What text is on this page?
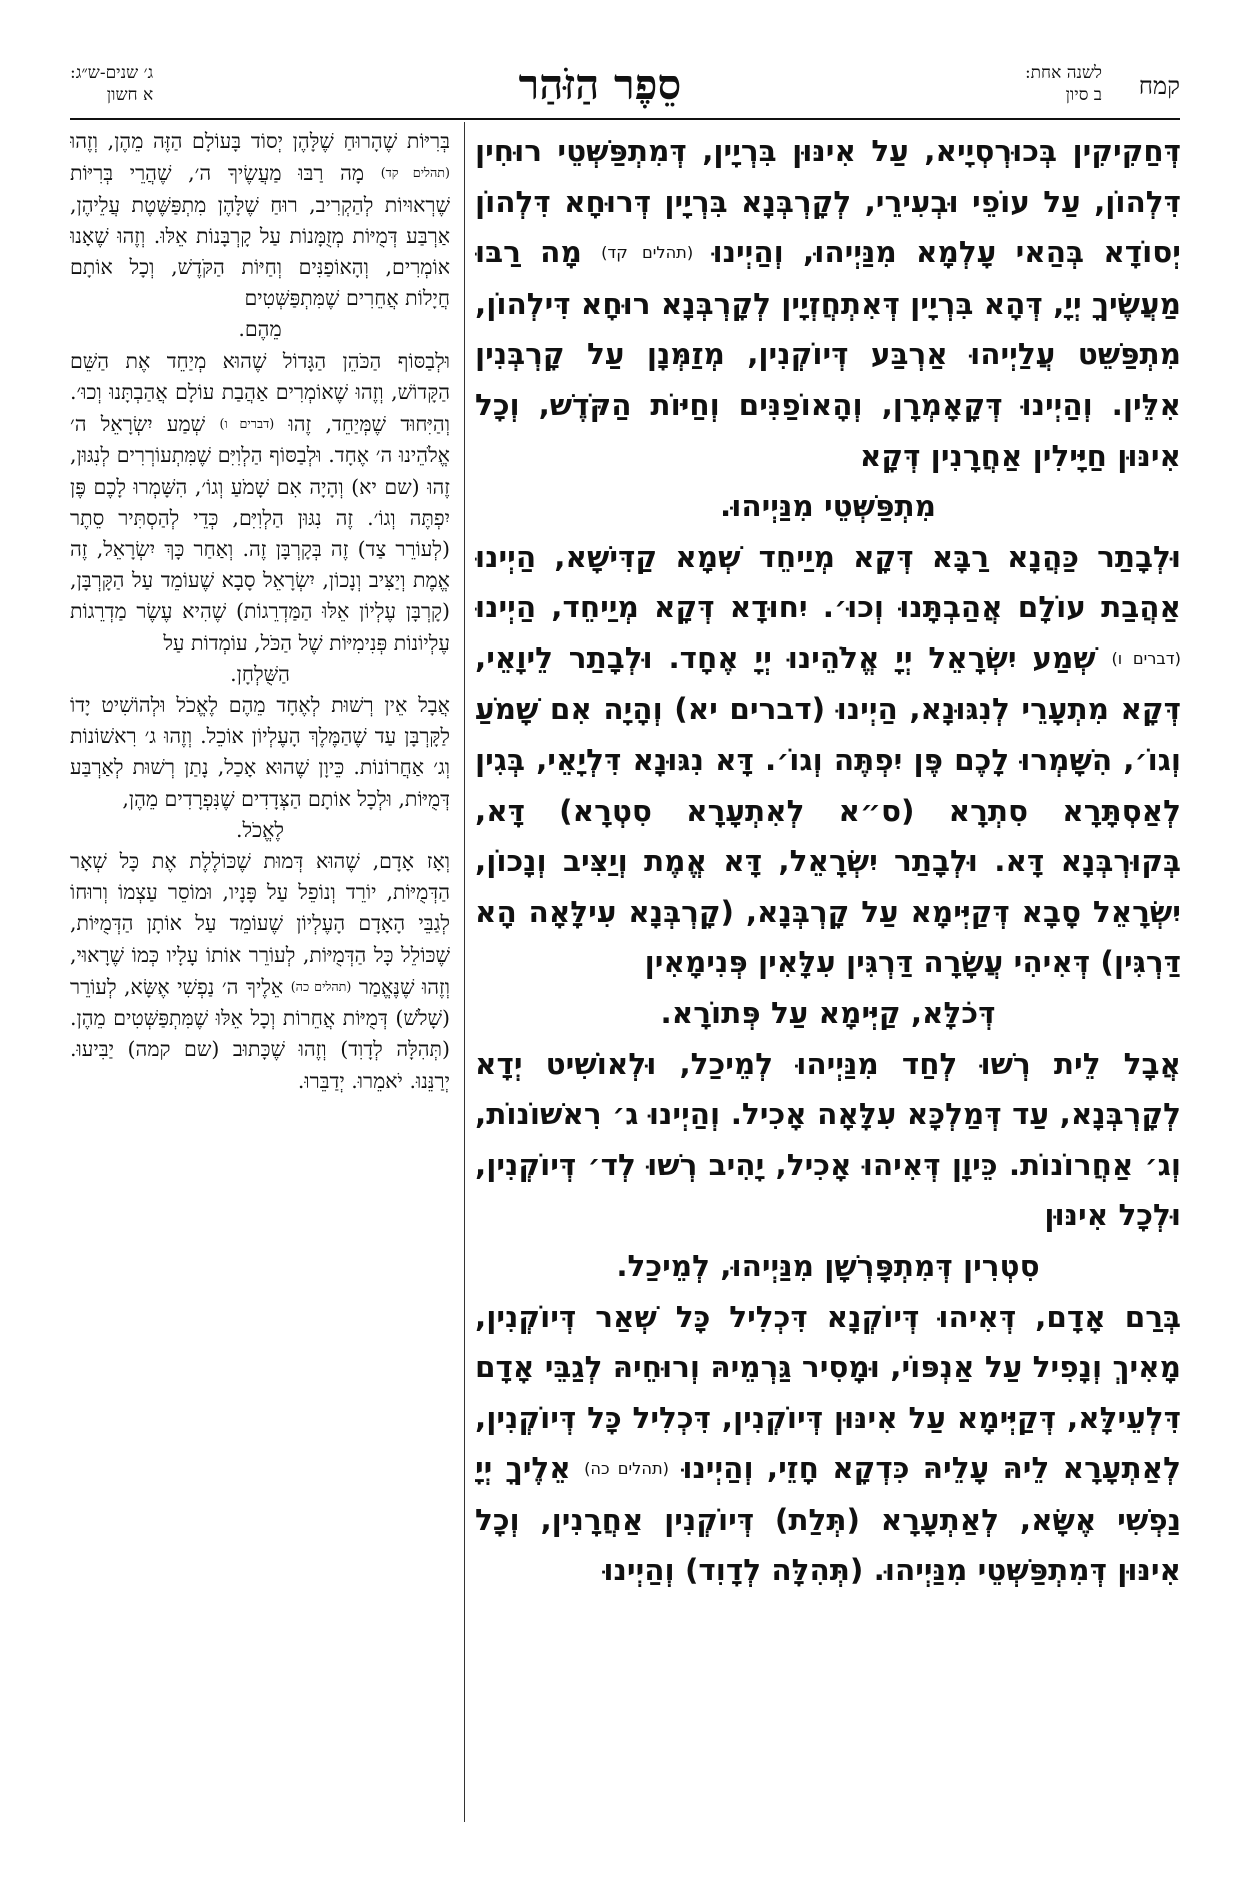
קמח
לשנה אחת:
ב סיון
סֵפֶר הַזֹּהַר
ג׳ שנים-ש״ג:
א חשון

דְּחַקִיקִין בְּכוּרְסְיָיא, עַל אִינּוּן בִּרְיָין, דְּמִתְפַּשְּׁטֵי רוּחִין דִּלְהוֹן, עַל עוֹפֵי וּבְעִירֵי, לְקָרְבְּנָא בִּרְיָין דְּרוּחָא דִּלְהוֹן יְסוֹדָא בְּהַאי עָלְמָא מִנַּיְיהוּ, וְהַיְינוּ (תהלים קד) מָה רַבּוּ מַעֲשֶׂיךָ יְיָ, דְּהָא בִּרְיָין דְּאִתְחֲזְיָין לְקָרְבְּנָא רוּחָא דִּילְהוֹן, מִתְפַּשֵּׁט עֲלַיְיהוּ אַרְבַּע דְּיוֹקְנִין, מְזַמְּנָן עַל קָרְבְּנִין אִלֵּין. וְהַיְינוּ דְּקָאָמְרָן, וְהָאוֹפַנִּים וְחַיּוֹת הַקֹּדֶשׁ, וְכָל אִינּוּן חַיָּילִין אַחֲרָנִין דְּקָא
מִתְפַּשְּׁטֵי מִנַּיְיהוּ.

וּלְבָתַר כַּהֲנָא רַבָּא דְּקָא מְיַיחֵד שְׁמָא קַדִּישָׁא, הַיְינוּ אַהֲבַת עוֹלָם אֲהַבְתָּנוּ וְכוּ׳. יִחוּדָא דְּקָא מְיַיחֵד, הַיְינוּ (דברים ו) שְׁמַע יִשְׂרָאֵל יְיָ אֱלֹהֵינוּ יְיָ אֶחָד. וּלְבָתַר לֵיוָאֵי, דְּקָא מִתְעָרֵי לְנִגּוּנָא, הַיְינוּ (דברים יא) וְהָיָה אִם שָׁמֹעַ וְגוֹ׳, הִשָּׁמְרוּ לָכֶם פֶּן יִפְתֶּה וְגוֹ׳. דָּא נִגּוּנָא דִּלְיָאֵי, בְּגִין לְאַסְתָּרָא סִתְרָא (ס״א לְאִתְעָרָא סִטְרָא) דָּא, בְּקוּרְבְּנָא דָּא. וּלְבָתַר יִשְׂרָאֵל, דָּא אֱמֶת וְיַצִּיב וְנָכוֹן, יִשְׂרָאֵל סָבָא דְּקַיְּימָא עַל קָרְבְּנָא, (קָרְבְּנָא עִילָּאָה הָא דַּרְגִּין) דְּאִיהִי עֲשָׂרָה דַּרְגִּין עִלָּאִין פְּנִימָאִין
דְּכֹלָּא, קַיְּימָא עַל פְּתוֹרָא.

אֲבָל לֵית רְשׁוּ לְחַד מִנַּיְיהוּ לְמֵיכַל, וּלְאוֹשִׁיט יְדָא לְקָרְבְּנָא, עַד דְּמַלְכָּא עִלָּאָה אָכִיל. וְהַיְינוּ ג׳ רִאשׁוֹנוֹת, וְג׳ אַחֲרוֹנוֹת. כֵּיוָן דְּאִיהוּ אָכִיל, יָהִיב רְשׁוּ לְד׳ דְּיוֹקְנִין, וּלְכָל אִינּוּן
סִטְרִין דְּמִתְפָּרְשָׁן מִנַּיְיהוּ, לְמֵיכַל.

בְּרַם אָדָם, דְּאִיהוּ דְּיוֹקְנָא דִּכְלִיל כָּל שְׁאַר דְּיוֹקְנִין, מָאִיךְ וְנָפִיל עַל אַנְפּוֹי, וּמָסִיר גַּרְמֵיהּ וְרוּחֵיהּ לְגַבֵּי אָדָם דִּלְעֵילָּא, דְּקַיְּימָא עַל אִינּוּן דְּיוֹקְנִין, דִּכְלִיל כָּל דְּיוֹקְנִין, לְאַתְעָרָא לֵיהּ עָלֵיהּ כִּדְקָא חָזֵי, וְהַיְינוּ (תהלים כה) אֵלֶיךָ יְיָ נַפְשִׁי אֶשָּׂא, לְאַתְעָרָא (תְּלַת) דְּיוֹקְנִין אַחֲרָנִין, וְכָל אִינּוּן דְּמִתְפַּשְּׁטֵי מִנַּיְיהוּ. (תְּהִלָּה לְדָוִד) וְהַיְינוּ

בְּרִיּוֹת שֶׁהָרוּחַ שֶׁלָּהֶן יְסוֹד בָּעוֹלָם הַזֶּה מֵהֶן, וְזֶהוּ (תהלים קד) מָה רַבּוּ מַעֲשֶׂיךָ ה׳, שֶׁהֲרֵי בְּרִיּוֹת שֶׁרְאוּיוֹת לְהַקְרִיב, רוּחַ שֶׁלָּהֶן מִתְפַּשֶּׁטֶת עֲלֵיהֶן, אַרְבַּע דְּמֻיּוֹת מְזֻמָּנוֹת עַל קָרְבָּנוֹת אֵלּוּ. וְזֶהוּ שֶׁאָנוּ אוֹמְרִים, וְהָאוֹפַנִּים וְחַיּוֹת הַקֹּדֶשׁ, וְכָל אוֹתָם חֲיָלוֹת אֲחֵרִים שֶׁמִּתְפַּשְּׁטִים
מֵהֶם.

וּלְבַסּוֹף הַכֹּהֵן הַגָּדוֹל שֶׁהוּא מְיַחֵד אֶת הַשֵּׁם הַקָּדוֹשׁ, וְזֶהוּ שֶׁאוֹמְרִים אַהֲבַת עוֹלָם אֲהַבְתָּנוּ וְכוּ׳. וְהַיִּחוּד שֶׁמְּיַחֵד, זֶהוּ (דברים ו) שְׁמַע יִשְׂרָאֵל ה׳ אֱלֹהֵינוּ ה׳ אֶחָד. וּלְבַסּוֹף הַלְוִיִּם שֶׁמִּתְעוֹרְרִים לְנִגּוּן, זֶהוּ (שם יא) וְהָיָה אִם שָׁמֹעַ וְגוֹ׳, הִשָּׁמְרוּ לָכֶם פֶּן יִפְתֶּה וְגוֹ׳. זֶה נִגּוּן הַלְוִיִּם, כְּדֵי לְהַסְתִּיר סֵתֶר (לְעוֹרֵר צַד) זֶה בְּקָרְבָּן זֶה. וְאַחַר כָּךְ יִשְׂרָאֵל, זֶה אֱמֶת וְיַצִּיב וְנָכוֹן, יִשְׂרָאֵל סָבָא שֶׁעוֹמֵד עַל הַקָּרְבָּן, (קָרְבָּן עֶלְיוֹן אֵלּוּ הַמַּדְרֵגוֹת) שֶׁהִיא עֶשֶׂר מַדְרֵגוֹת עֶלְיוֹנוֹת פְּנִימִיּוֹת שֶׁל הַכֹּל, עוֹמְדוֹת עַל
הַשֻּׁלְחָן.

אֲבָל אֵין רְשׁוּת לְאֶחָד מֵהֶם לֶאֱכֹל וּלְהוֹשִׁיט יָדוֹ לַקָּרְבָּן עַד שֶׁהַמֶּלֶךְ הָעֶלְיוֹן אוֹכֵל. וְזֶהוּ ג׳ רִאשׁוֹנוֹת וְג׳ אַחֲרוֹנוֹת. כֵּיוָן שֶׁהוּא אָכַל, נָתַן רְשׁוּת לְאַרְבַּע דְּמֻיּוֹת, וּלְכָל אוֹתָם הַצְּדָדִים שֶׁנִּפְרָדִים מֵהֶן,
לֶאֱכֹל.

וְאָז אָדָם, שֶׁהוּא דְּמוּת שֶׁכּוֹלֶלֶת אֶת כָּל שְׁאָר הַדְּמֻיּוֹת, יוֹרֵד וְנוֹפֵל עַל פָּנָיו, וּמוֹסֵר עַצְמוֹ וְרוּחוֹ לְגַבֵּי הָאָדָם הָעֶלְיוֹן שֶׁעוֹמֵד עַל אוֹתָן הַדְּמֻיּוֹת, שֶׁכּוֹלֵל כָּל הַדְּמֻיּוֹת, לְעוֹרֵר אוֹתוֹ עָלָיו כְּמוֹ שֶׁרָאוּי, וְזֶהוּ שֶׁנֶּאֱמַר (תהלים כה) אֵלֶיךָ ה׳ נַפְשִׁי אֶשָּׂא, לְעוֹרֵר (שָׁלֹשׁ) דְּמֻיּוֹת אֲחֵרוֹת וְכָל אֵלּוּ שֶׁמִּתְפַּשְּׁטִים מֵהֶן. (תְּהִלָּה לְדָוִד) וְזֶהוּ שֶׁכָּתוּב (שם קמה) יַבִּיעוּ. יְרַנֵּנוּ. יֹאמֵרוּ. יְדַבֵּרוּ.
